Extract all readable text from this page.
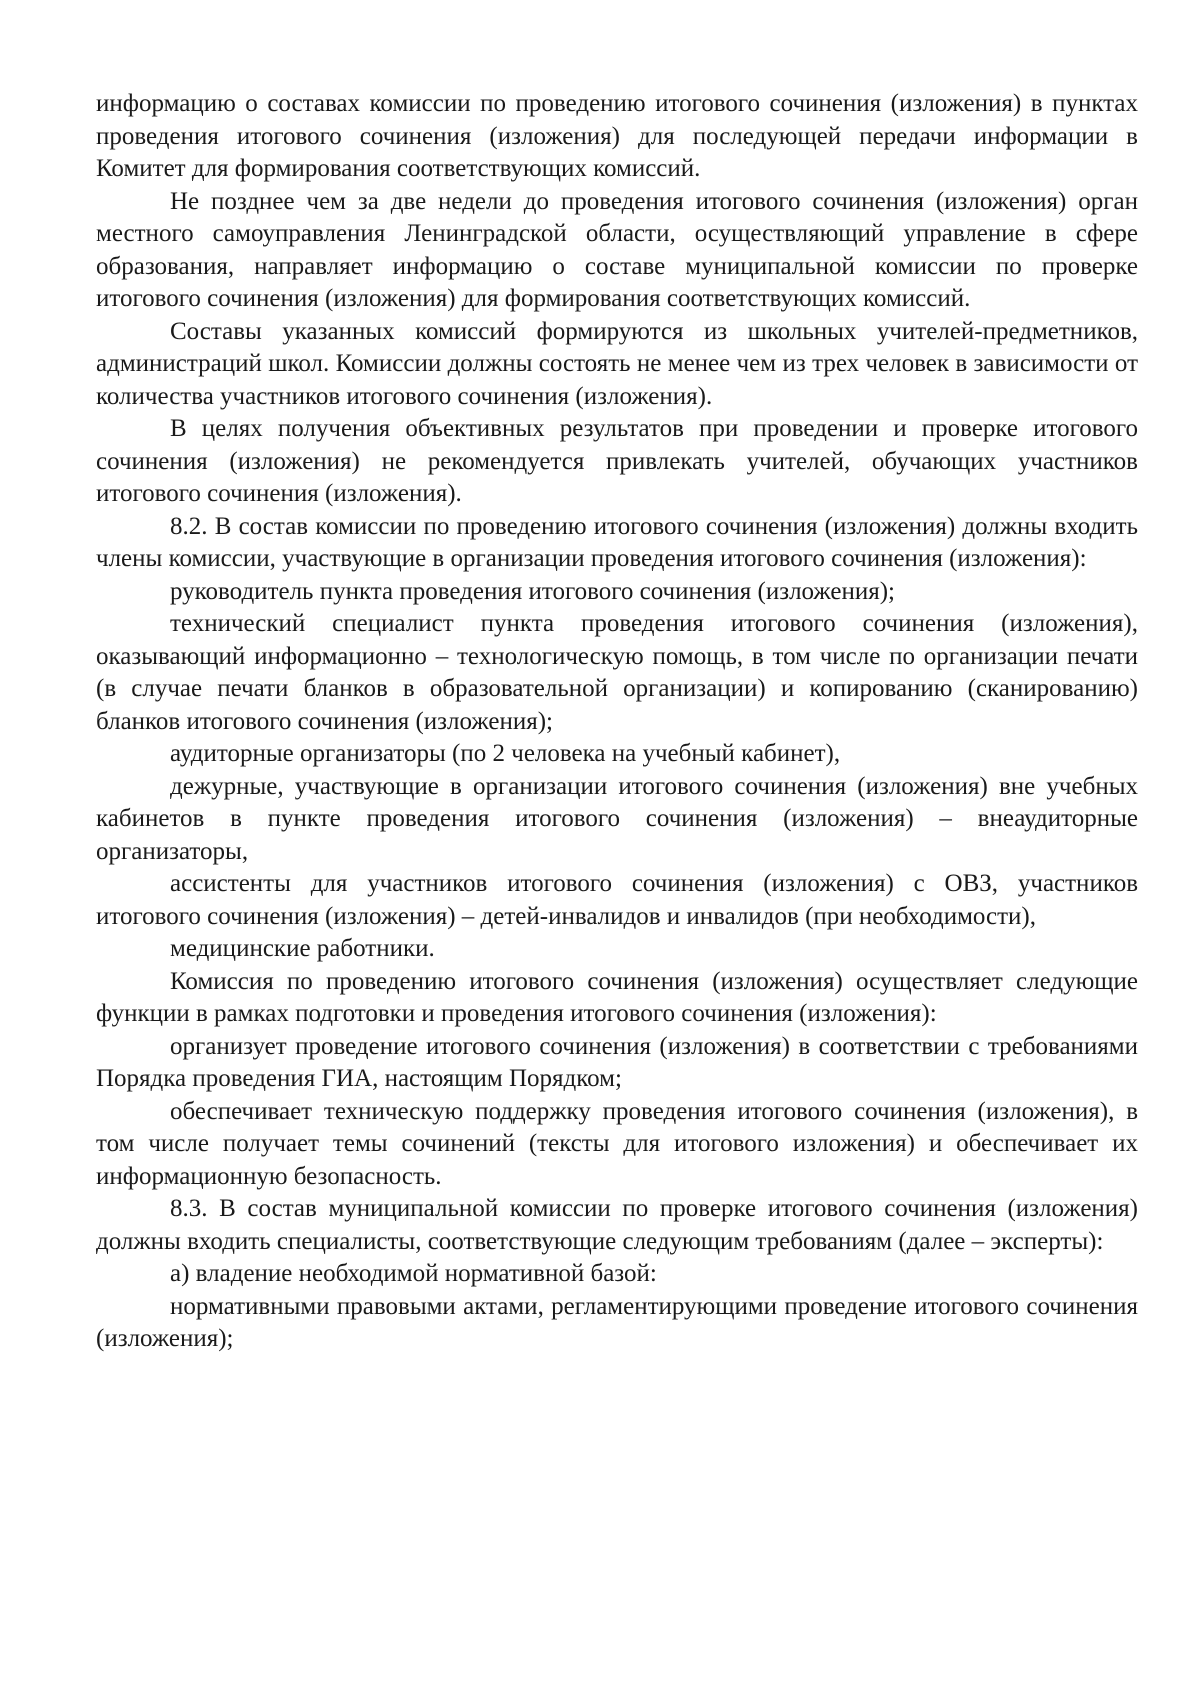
информацию о составах комиссии по проведению итогового сочинения (изложения) в пунктах проведения итогового сочинения (изложения) для последующей передачи информации в Комитет для формирования соответствующих комиссий.

Не позднее чем за две недели до проведения итогового сочинения (изложения) орган местного самоуправления Ленинградской области, осуществляющий управление в сфере образования, направляет информацию о составе муниципальной комиссии по проверке итогового сочинения (изложения) для формирования соответствующих комиссий.

Составы указанных комиссий формируются из школьных учителей-предметников, администраций школ. Комиссии должны состоять не менее чем из трех человек в зависимости от количества участников итогового сочинения (изложения).

В целях получения объективных результатов при проведении и проверке итогового сочинения (изложения) не рекомендуется привлекать учителей, обучающих участников итогового сочинения (изложения).

8.2. В состав комиссии по проведению итогового сочинения (изложения) должны входить члены комиссии, участвующие в организации проведения итогового сочинения (изложения):

руководитель пункта проведения итогового сочинения (изложения);

технический специалист пункта проведения итогового сочинения (изложения), оказывающий информационно – технологическую помощь, в том числе по организации печати (в случае печати бланков в образовательной организации) и копированию (сканированию) бланков итогового сочинения (изложения);

аудиторные организаторы (по 2 человека на учебный кабинет),

дежурные, участвующие в организации итогового сочинения (изложения) вне учебных кабинетов в пункте проведения итогового сочинения (изложения) – внеаудиторные организаторы,

ассистенты для участников итогового сочинения (изложения) с ОВЗ, участников итогового сочинения (изложения) – детей-инвалидов и инвалидов (при необходимости),

медицинские работники.

Комиссия по проведению итогового сочинения (изложения) осуществляет следующие функции в рамках подготовки и проведения итогового сочинения (изложения):

организует проведение итогового сочинения (изложения) в соответствии с требованиями Порядка проведения ГИА, настоящим Порядком;

обеспечивает техническую поддержку проведения итогового сочинения (изложения), в том числе получает темы сочинений (тексты для итогового изложения) и обеспечивает их информационную безопасность.

8.3. В состав муниципальной комиссии по проверке итогового сочинения (изложения) должны входить специалисты, соответствующие следующим требованиям (далее – эксперты):

а) владение необходимой нормативной базой:

нормативными правовыми актами, регламентирующими проведение итогового сочинения (изложения);
